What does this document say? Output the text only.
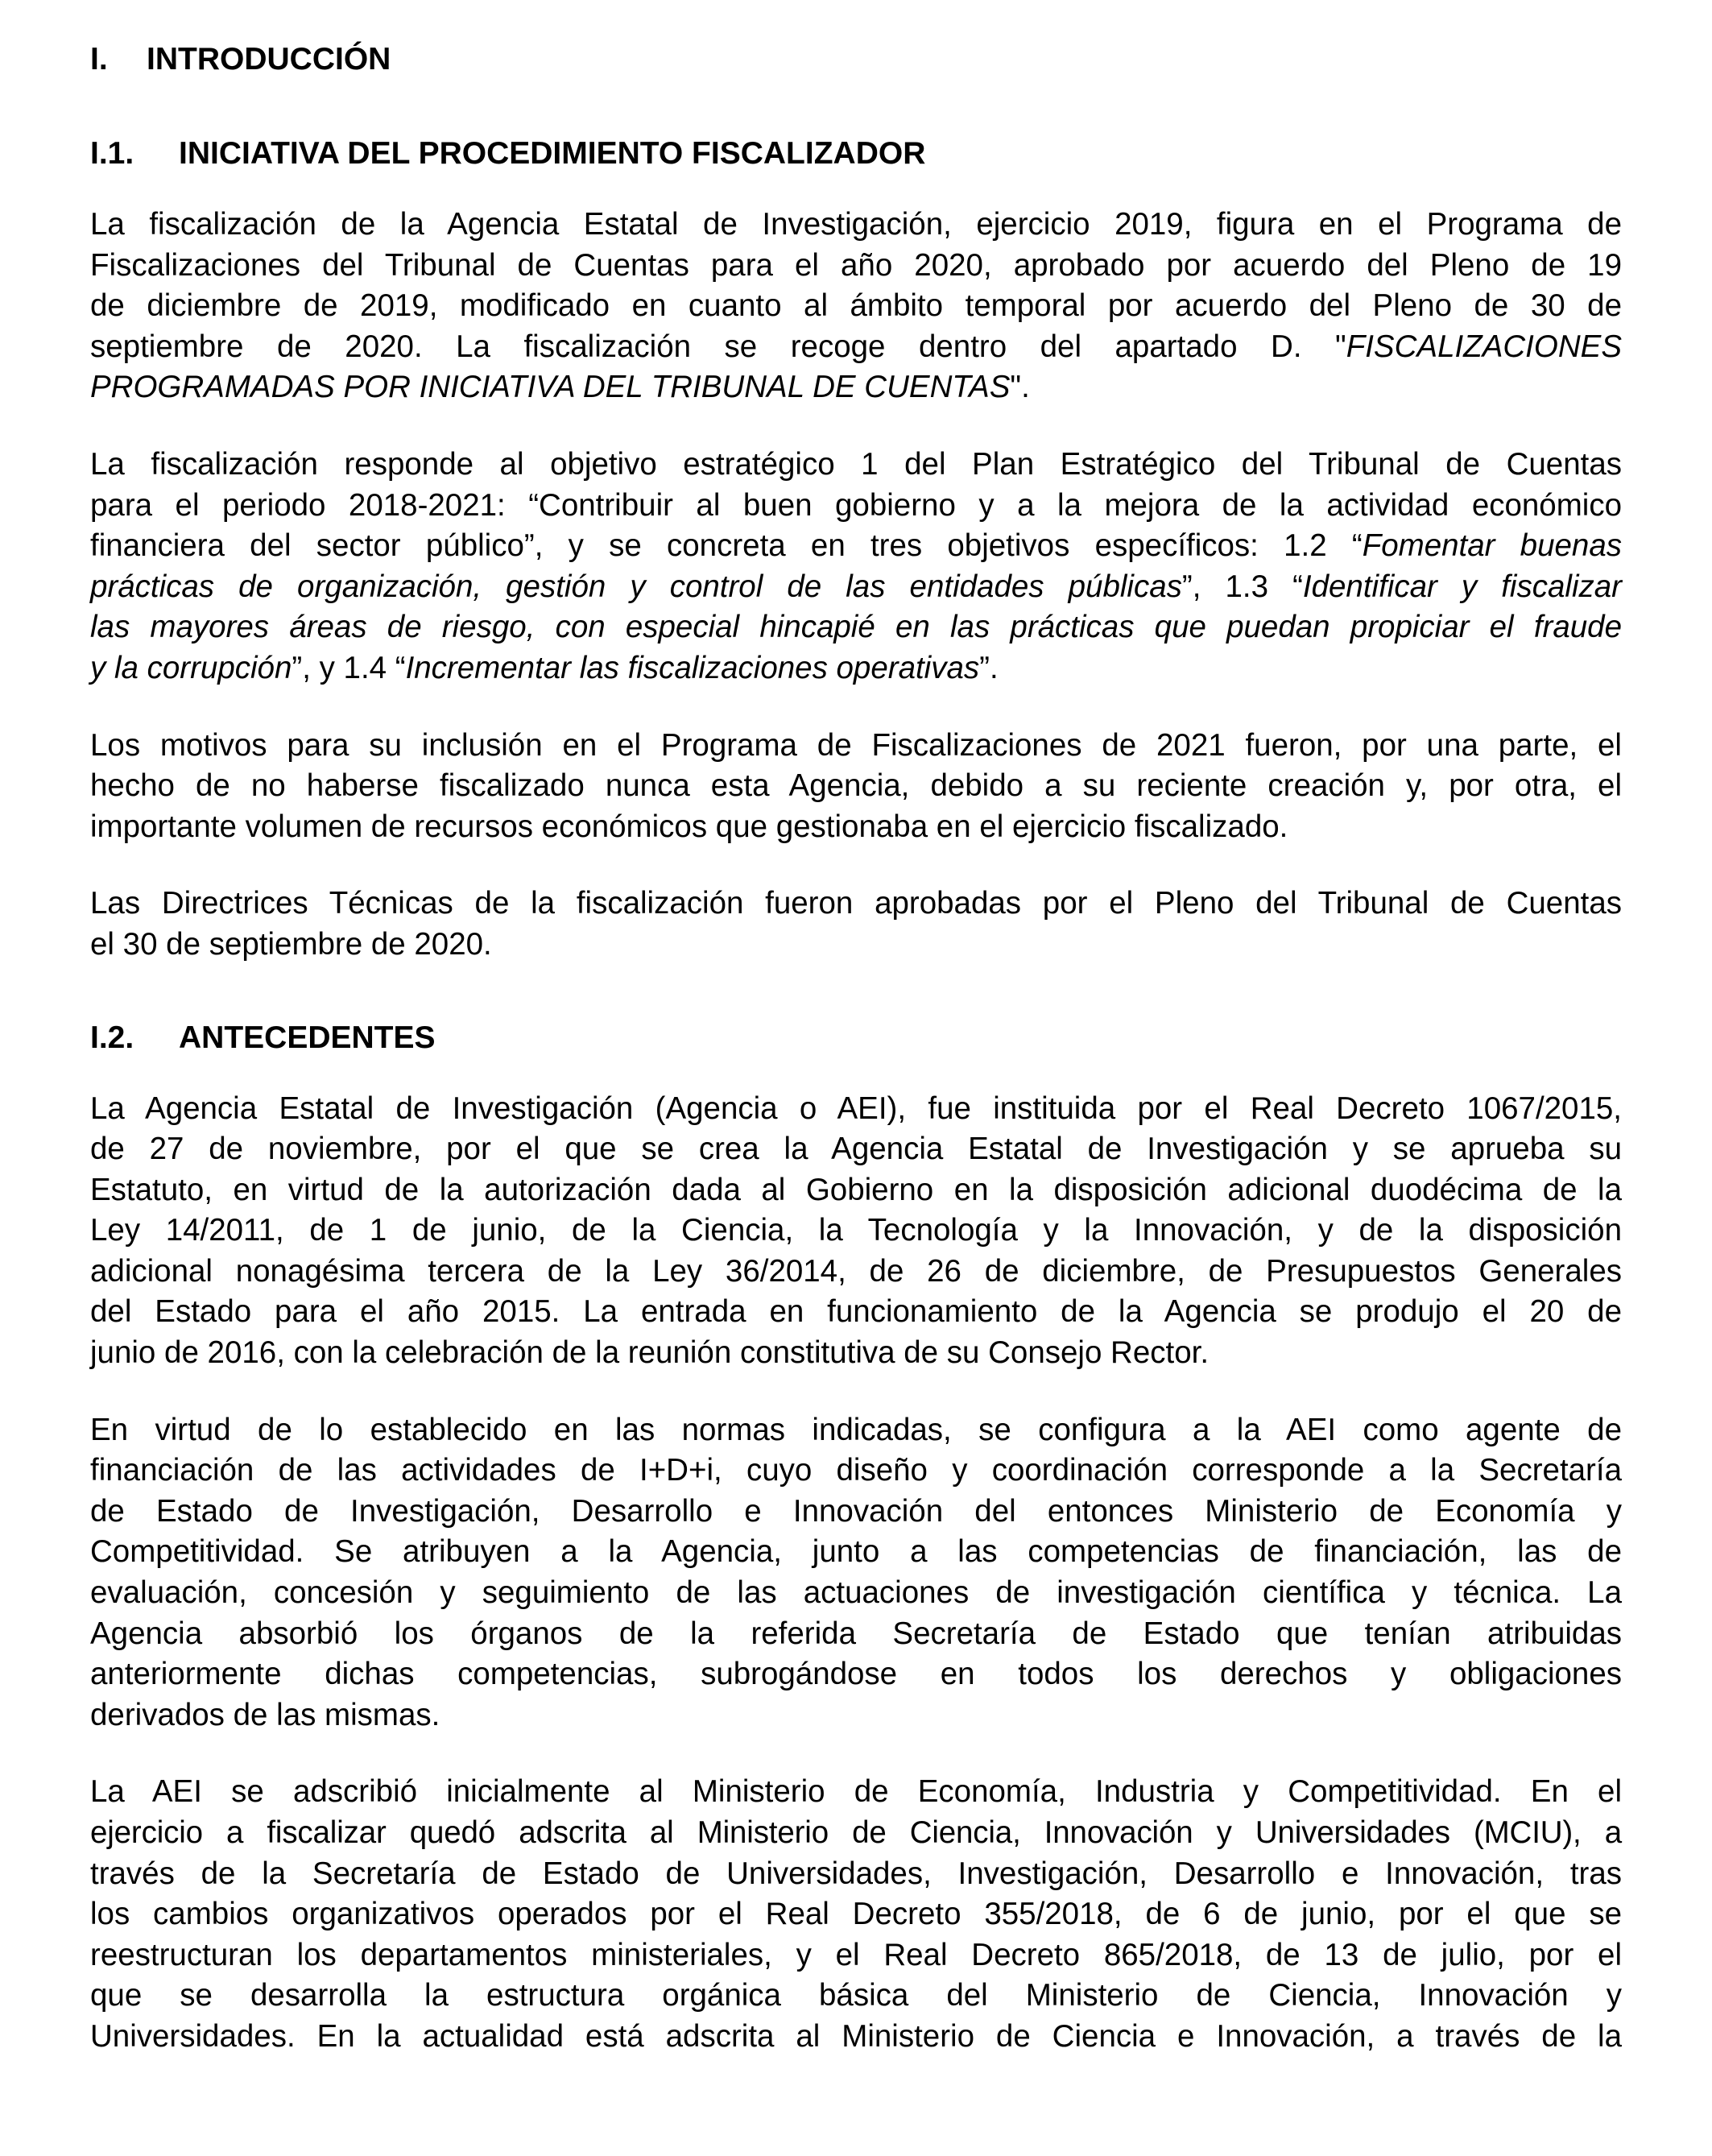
I. INTRODUCCIÓN
I.1. INICIATIVA DEL PROCEDIMIENTO FISCALIZADOR
La fiscalización de la Agencia Estatal de Investigación, ejercicio 2019, figura en el Programa de
Fiscalizaciones del Tribunal de Cuentas para el año 2020, aprobado por acuerdo del Pleno de 19
de diciembre de 2019, modificado en cuanto al ámbito temporal por acuerdo del Pleno de 30 de
septiembre de 2020. La fiscalización se recoge dentro del apartado D. "FISCALIZACIONES
PROGRAMADAS POR INICIATIVA DEL TRIBUNAL DE CUENTAS".
La fiscalización responde al objetivo estratégico 1 del Plan Estratégico del Tribunal de Cuentas
para el periodo 2018-2021: “Contribuir al buen gobierno y a la mejora de la actividad económico
financiera del sector público”, y se concreta en tres objetivos específicos: 1.2 “Fomentar buenas
prácticas de organización, gestión y control de las entidades públicas”, 1.3 “Identificar y fiscalizar
las mayores áreas de riesgo, con especial hincapié en las prácticas que puedan propiciar el fraude
y la corrupción”, y 1.4 “Incrementar las fiscalizaciones operativas”.
Los motivos para su inclusión en el Programa de Fiscalizaciones de 2021 fueron, por una parte, el
hecho de no haberse fiscalizado nunca esta Agencia, debido a su reciente creación y, por otra, el
importante volumen de recursos económicos que gestionaba en el ejercicio fiscalizado.
Las Directrices Técnicas de la fiscalización fueron aprobadas por el Pleno del Tribunal de Cuentas
el 30 de septiembre de 2020.
I.2. ANTECEDENTES
La Agencia Estatal de Investigación (Agencia o AEI), fue instituida por el Real Decreto 1067/2015,
de 27 de noviembre, por el que se crea la Agencia Estatal de Investigación y se aprueba su
Estatuto, en virtud de la autorización dada al Gobierno en la disposición adicional duodécima de la
Ley 14/2011, de 1 de junio, de la Ciencia, la Tecnología y la Innovación, y de la disposición
adicional nonagésima tercera de la Ley 36/2014, de 26 de diciembre, de Presupuestos Generales
del Estado para el año 2015. La entrada en funcionamiento de la Agencia se produjo el 20 de
junio de 2016, con la celebración de la reunión constitutiva de su Consejo Rector.
En virtud de lo establecido en las normas indicadas, se configura a la AEI como agente de
financiación de las actividades de I+D+i, cuyo diseño y coordinación corresponde a la Secretaría
de Estado de Investigación, Desarrollo e Innovación del entonces Ministerio de Economía y
Competitividad. Se atribuyen a la Agencia, junto a las competencias de financiación, las de
evaluación, concesión y seguimiento de las actuaciones de investigación científica y técnica. La
Agencia absorbió los órganos de la referida Secretaría de Estado que tenían atribuidas
anteriormente dichas competencias, subrogándose en todos los derechos y obligaciones
derivados de las mismas.
La AEI se adscribió inicialmente al Ministerio de Economía, Industria y Competitividad. En el
ejercicio a fiscalizar quedó adscrita al Ministerio de Ciencia, Innovación y Universidades (MCIU), a
través de la Secretaría de Estado de Universidades, Investigación, Desarrollo e Innovación, tras
los cambios organizativos operados por el Real Decreto 355/2018, de 6 de junio, por el que se
reestructuran los departamentos ministeriales, y el Real Decreto 865/2018, de 13 de julio, por el
que se desarrolla la estructura orgánica básica del Ministerio de Ciencia, Innovación y
Universidades. En la actualidad está adscrita al Ministerio de Ciencia e Innovación, a través de la
